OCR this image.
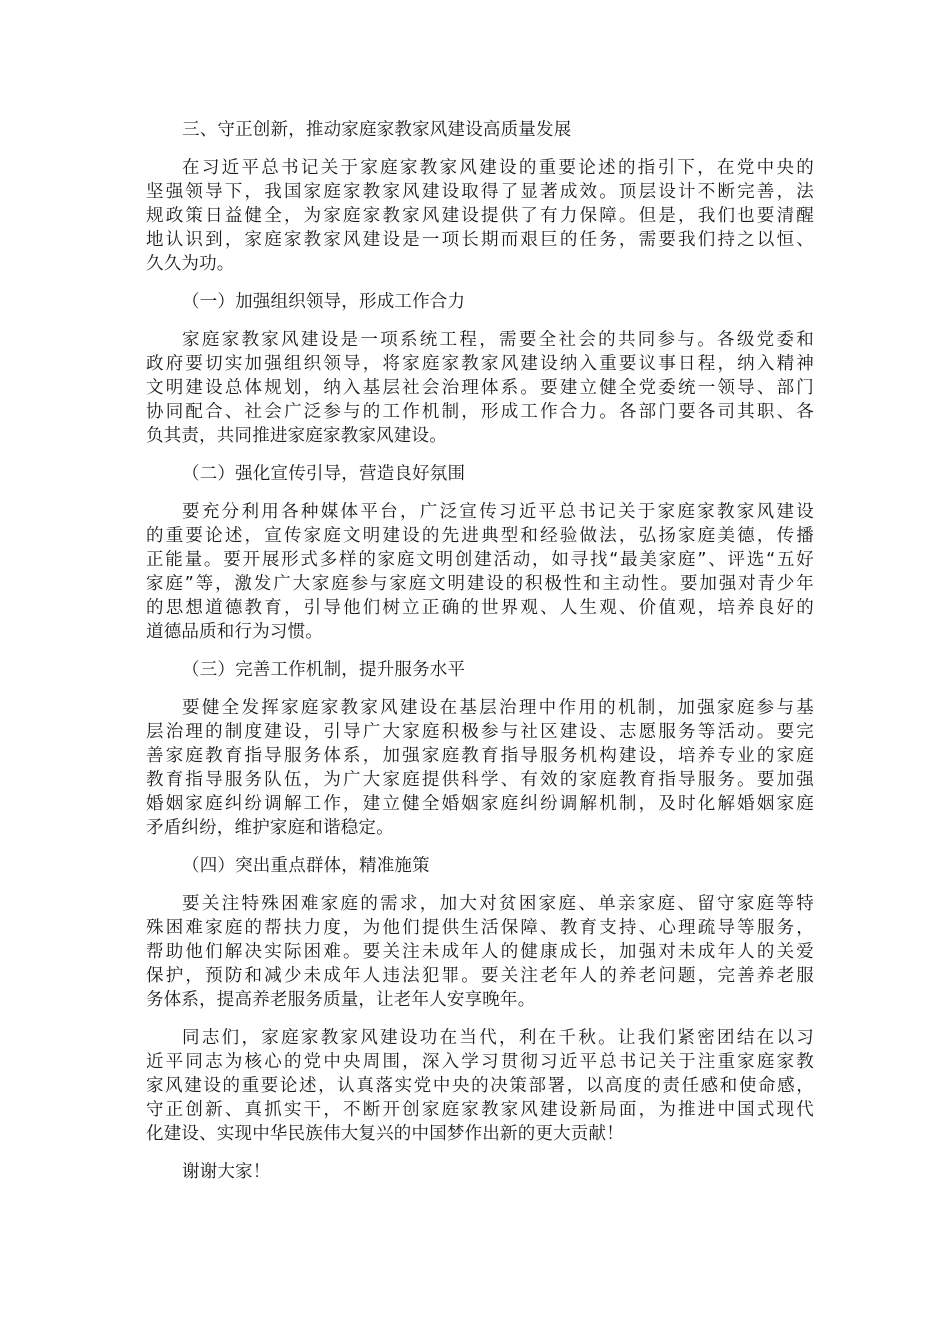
三、守正创新，推动家庭家教家风建设高质量发展
在习近平总书记关于家庭家教家风建设的重要论述的指引下，在党中央的
坚强领导下，我国家庭家教家风建设取得了显著成效。顶层设计不断完善，法
规政策日益健全，为家庭家教家风建设提供了有力保障。但是，我们也要清醒
地认识到，家庭家教家风建设是一项长期而艰巨的任务，需要我们持之以恒、
久久为功。
（一）加强组织领导，形成工作合力
家庭家教家风建设是一项系统工程，需要全社会的共同参与。各级党委和
政府要切实加强组织领导，将家庭家教家风建设纳入重要议事日程，纳入精神
文明建设总体规划，纳入基层社会治理体系。要建立健全党委统一领导、部门
协同配合、社会广泛参与的工作机制，形成工作合力。各部门要各司其职、各
负其责，共同推进家庭家教家风建设。
（二）强化宣传引导，营造良好氛围
要充分利用各种媒体平台，广泛宣传习近平总书记关于家庭家教家风建设
的重要论述，宣传家庭文明建设的先进典型和经验做法，弘扬家庭美德，传播
正能量。要开展形式多样的家庭文明创建活动，如寻找“最美家庭”、评选“五好
家庭”等，激发广大家庭参与家庭文明建设的积极性和主动性。要加强对青少年
的思想道德教育，引导他们树立正确的世界观、人生观、价值观，培养良好的
道德品质和行为习惯。
（三）完善工作机制，提升服务水平
要健全发挥家庭家教家风建设在基层治理中作用的机制，加强家庭参与基
层治理的制度建设，引导广大家庭积极参与社区建设、志愿服务等活动。要完
善家庭教育指导服务体系，加强家庭教育指导服务机构建设，培养专业的家庭
教育指导服务队伍，为广大家庭提供科学、有效的家庭教育指导服务。要加强
婚姻家庭纠纷调解工作，建立健全婚姻家庭纠纷调解机制，及时化解婚姻家庭
矛盾纠纷，维护家庭和谐稳定。
（四）突出重点群体，精准施策
要关注特殊困难家庭的需求，加大对贫困家庭、单亲家庭、留守家庭等特
殊困难家庭的帮扶力度，为他们提供生活保障、教育支持、心理疏导等服务，
帮助他们解决实际困难。要关注未成年人的健康成长，加强对未成年人的关爱
保护，预防和减少未成年人违法犯罪。要关注老年人的养老问题，完善养老服
务体系，提高养老服务质量，让老年人安享晚年。
同志们，家庭家教家风建设功在当代，利在千秋。让我们紧密团结在以习
近平同志为核心的党中央周围，深入学习贯彻习近平总书记关于注重家庭家教
家风建设的重要论述，认真落实党中央的决策部署，以高度的责任感和使命感，
守正创新、真抓实干，不断开创家庭家教家风建设新局面，为推进中国式现代
化建设、实现中华民族伟大复兴的中国梦作出新的更大贡献！
谢谢大家！
